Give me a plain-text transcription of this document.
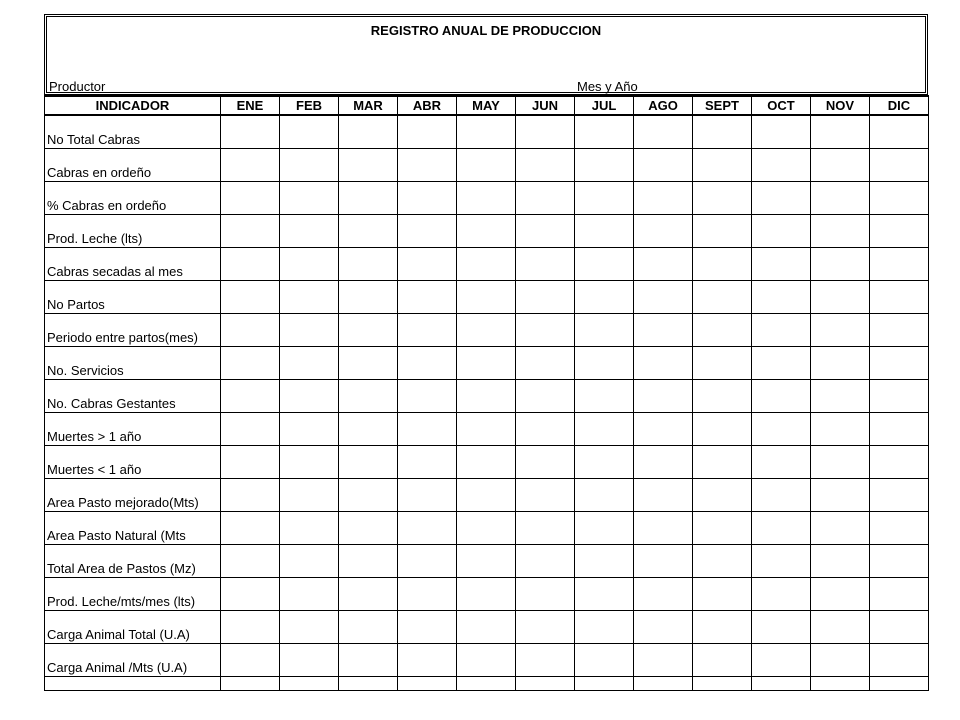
REGISTRO ANUAL DE PRODUCCION
Productor	Mes y Año
INDICADOR	ENE	FEB	MAR	ABR	MAY	JUN	JUL	AGO	SEPT	OCT	NOV	DIC
No Total Cabras												
Cabras en ordeño												
% Cabras en ordeño												
Prod. Leche (lts)												
Cabras secadas al mes												
No Partos												
Periodo entre partos(mes)												
No. Servicios												
No. Cabras Gestantes												
Muertes > 1 año												
Muertes < 1 año												
Area Pasto mejorado(Mts)												
Area Pasto Natural (Mts												
Total Area de Pastos (Mz)												
Prod. Leche/mts/mes (lts)												
Carga Animal Total (U.A)												
Carga Animal /Mts (U.A)												
